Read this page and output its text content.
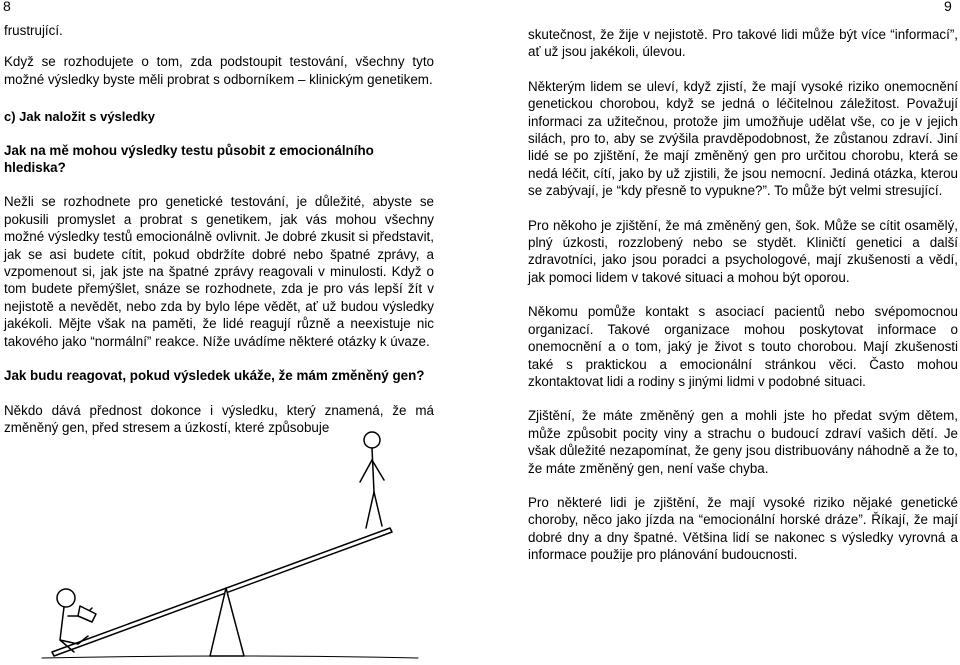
8	9

frustrující.

Když se rozhodujete o tom, zda podstoupit testování, všechny tyto možné výsledky byste měli probrat s odborníkem – klinickým genetikem.

c) Jak naložit s výsledky
Jak na mě mohou výsledky testu působit z emocionálního hlediska?

Nežli se rozhodnete pro genetické testování, je důležité, abyste se pokusili promyslet a probrat s genetikem, jak vás mohou všechny možné výsledky testů emocionálně ovlivnit. Je dobré zkusit si představit, jak se asi budete cítit, pokud obdržíte dobré nebo špatné zprávy, a vzpomenout si, jak jste na špatné zprávy reagovali v minulosti. Když o tom budete přemýšlet, snáze se rozhodnete, zda je pro vás lepší žít v nejistotě a nevědět, nebo zda by bylo lépe vědět, ať už budou výsledky jakékoli. Mějte však na paměti, že lidé reagují různě a neexistuje nic takového jako “normální” reakce. Níže uvádíme některé otázky k úvaze.

Jak budu reagovat, pokud výsledek ukáže, že mám změněný gen?

Někdo dává přednost dokonce i výsledku, který znamená, že má změněný gen, před stresem a úzkostí, které způsobuje

skutečnost, že žije v nejistotě. Pro takové lidi může být více “informací”, ať už jsou jakékoli, úlevou.

Některým lidem se uleví, když zjistí, že mají vysoké riziko onemocnění genetickou chorobou, když se jedná o léčitelnou záležitost. Považují informaci za užitečnou, protože jim umožňuje udělat vše, co je v jejich silách, pro to, aby se zvýšila pravděpodobnost, že zůstanou zdraví. Jiní lidé se po zjištění, že mají změněný gen pro určitou chorobu, která se nedá léčit, cítí, jako by už zjistili, že jsou nemocní. Jediná otázka, kterou se zabývají, je “kdy přesně to vypukne?”. To může být velmi stresující.

Pro někoho je zjištění, že má změněný gen, šok. Může se cítit osamělý, plný úzkosti, rozzlobený nebo se stydět. Kliničtí genetici a další zdravotníci, jako jsou poradci a psychologové, mají zkušenosti a vědí, jak pomoci lidem v takové situaci a mohou být oporou.

Někomu pomůže kontakt s asociací pacientů nebo svépomocnou organizací. Takové organizace mohou poskytovat informace o onemocnění a o tom, jaký je život s touto chorobou. Mají zkušenosti také s praktickou a emocionální stránkou věci. Často mohou zkontaktovat lidi a rodiny s jinými lidmi v podobné situaci.

Zjištění, že máte změněný gen a mohli jste ho předat svým dětem, může způsobit pocity viny a strachu o budoucí zdraví vašich dětí. Je však důležité nezapomínat, že geny jsou distribuovány náhodně a že to, že máte změněný gen, není vaše chyba.

Pro některé lidi je zjištění, že mají vysoké riziko nějaké genetické choroby, něco jako jízda na “emocionální horské dráze”. Říkají, že mají dobré dny a dny špatné. Většina lidí se nakonec s výsledky vyrovná a informace použije pro plánování budoucnosti.
